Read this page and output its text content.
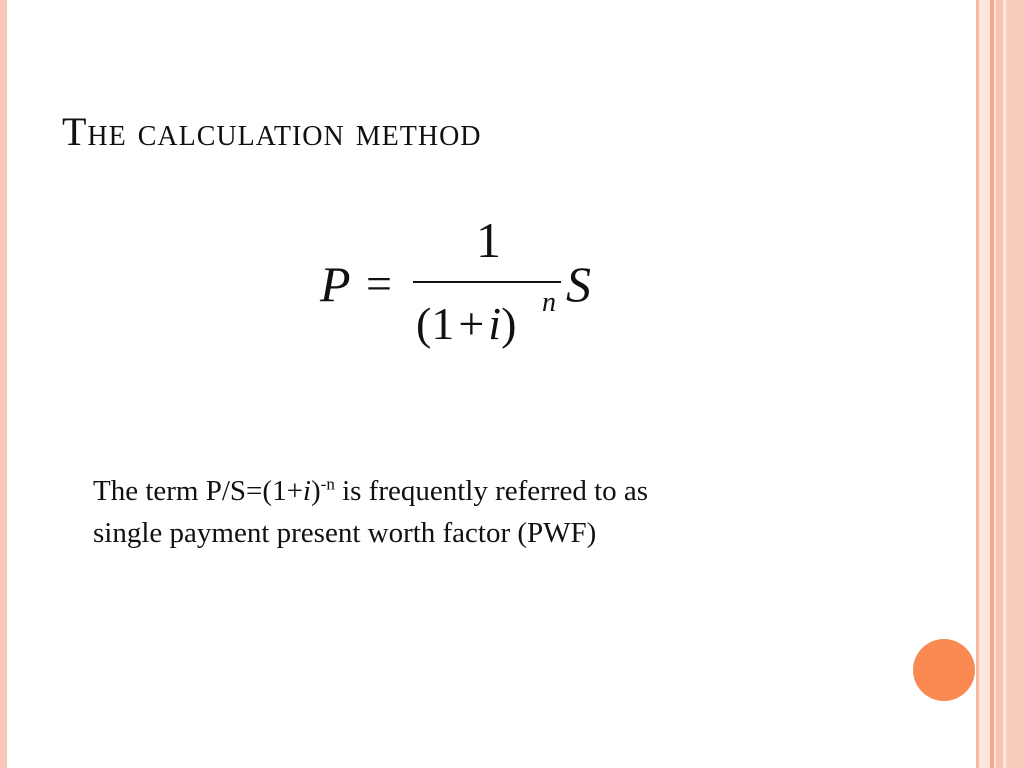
The calculation method
P =
1
(1+i) n S
The term $P/S=(1+i)^{-n}$ is frequently referred to as
single payment present worth factor (PWF)
